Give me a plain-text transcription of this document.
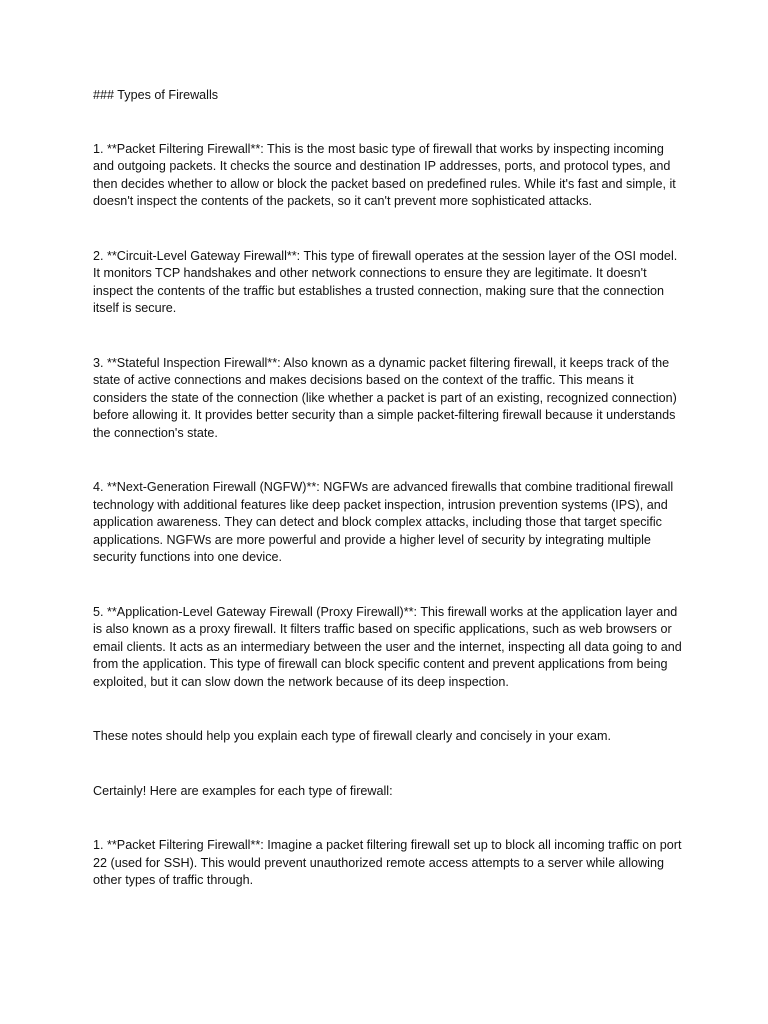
### Types of Firewalls

1. **Packet Filtering Firewall**: This is the most basic type of firewall that works by inspecting incoming and outgoing packets. It checks the source and destination IP addresses, ports, and protocol types, and then decides whether to allow or block the packet based on predefined rules. While it's fast and simple, it doesn't inspect the contents of the packets, so it can't prevent more sophisticated attacks.

2. **Circuit-Level Gateway Firewall**: This type of firewall operates at the session layer of the OSI model. It monitors TCP handshakes and other network connections to ensure they are legitimate. It doesn't inspect the contents of the traffic but establishes a trusted connection, making sure that the connection itself is secure.

3. **Stateful Inspection Firewall**: Also known as a dynamic packet filtering firewall, it keeps track of the state of active connections and makes decisions based on the context of the traffic. This means it considers the state of the connection (like whether a packet is part of an existing, recognized connection) before allowing it. It provides better security than a simple packet-filtering firewall because it understands the connection's state.

4. **Next-Generation Firewall (NGFW)**: NGFWs are advanced firewalls that combine traditional firewall technology with additional features like deep packet inspection, intrusion prevention systems (IPS), and application awareness. They can detect and block complex attacks, including those that target specific applications. NGFWs are more powerful and provide a higher level of security by integrating multiple security functions into one device.

5. **Application-Level Gateway Firewall (Proxy Firewall)**: This firewall works at the application layer and is also known as a proxy firewall. It filters traffic based on specific applications, such as web browsers or email clients. It acts as an intermediary between the user and the internet, inspecting all data going to and from the application. This type of firewall can block specific content and prevent applications from being exploited, but it can slow down the network because of its deep inspection.

These notes should help you explain each type of firewall clearly and concisely in your exam.

Certainly! Here are examples for each type of firewall:

1. **Packet Filtering Firewall**: Imagine a packet filtering firewall set up to block all incoming traffic on port 22 (used for SSH). This would prevent unauthorized remote access attempts to a server while allowing other types of traffic through.
